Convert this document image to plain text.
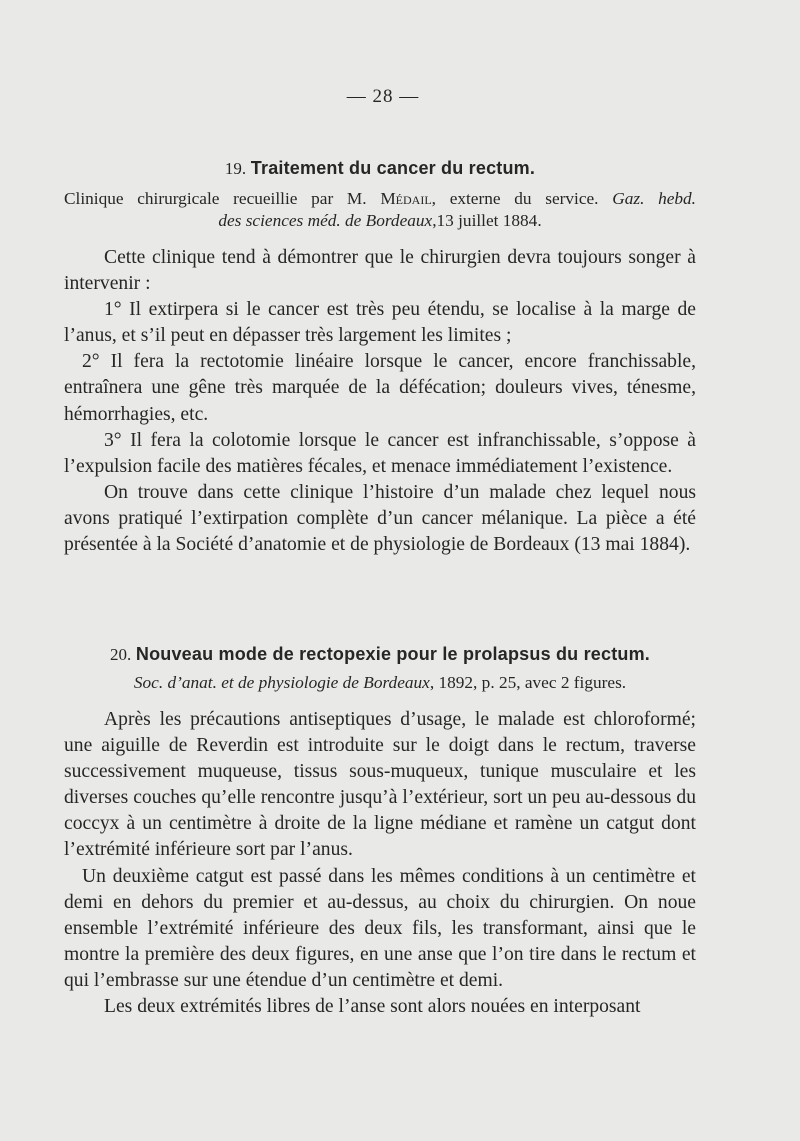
— 28 —
19. Traitement du cancer du rectum.
Clinique chirurgicale recueillie par M. Médail, externe du service. Gaz. hebd.
des sciences méd. de Bordeaux,13 juillet 1884.

Cette clinique tend à démontrer que le chirurgien devra toujours songer à intervenir :

1° Il extirpera si le cancer est très peu étendu, se localise à la marge de l’anus, et s’il peut en dépasser très largement les limites ;

2° Il fera la rectotomie linéaire lorsque le cancer, encore franchissable, entraînera une gêne très marquée de la défécation; douleurs vives, ténesme, hémorrhagies, etc.

3° Il fera la colotomie lorsque le cancer est infranchissable, s’oppose à l’expulsion facile des matières fécales, et menace immédiatement l’existence.

On trouve dans cette clinique l’histoire d’un malade chez lequel nous avons pratiqué l’extirpation complète d’un cancer mélanique. La pièce a été présentée à la Société d’anatomie et de physiologie de Bordeaux (13 mai 1884).

20. Nouveau mode de rectopexie pour le prolapsus du rectum.
Soc. d’anat. et de physiologie de Bordeaux, 1892, p. 25, avec 2 figures.

Après les précautions antiseptiques d’usage, le malade est chloroformé; une aiguille de Reverdin est introduite sur le doigt dans le rectum, traverse successivement muqueuse, tissus sous-muqueux, tunique musculaire et les diverses couches qu’elle rencontre jusqu’à l’extérieur, sort un peu au-dessous du coccyx à un centimètre à droite de la ligne médiane et ramène un catgut dont l’extrémité inférieure sort par l’anus.

Un deuxième catgut est passé dans les mêmes conditions à un centimètre et demi en dehors du premier et au-dessus, au choix du chirurgien. On noue ensemble l’extrémité inférieure des deux fils, les transformant, ainsi que le montre la première des deux figures, en une anse que l’on tire dans le rectum et qui l’embrasse sur une étendue d’un centimètre et demi.

Les deux extrémités libres de l’anse sont alors nouées en interposant
